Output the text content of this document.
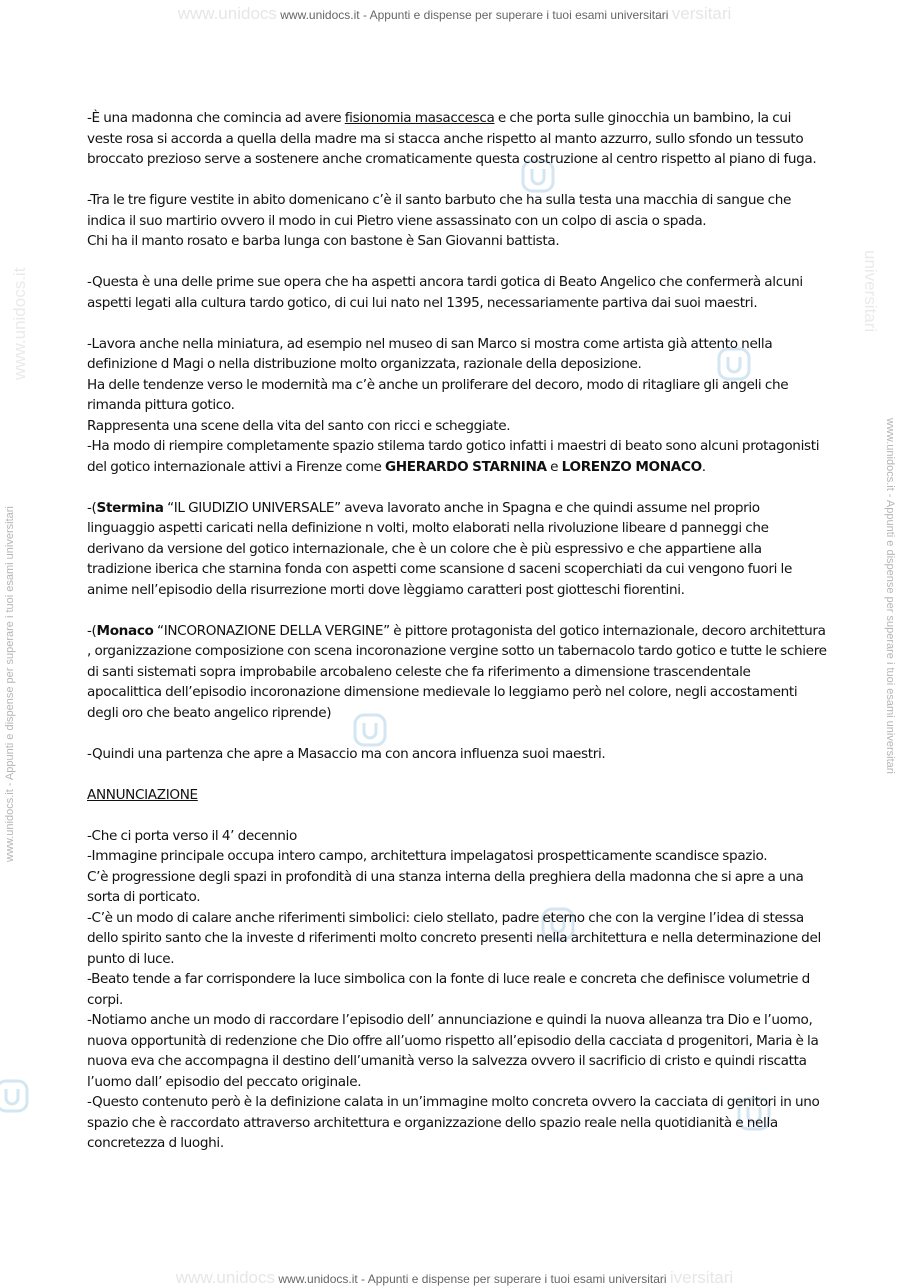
www.unidocs www.unidocs.it - Appunti e dispense per superare i tuoi esami universitari versitari
www.unidocs www.unidocs.it - Appunti e dispense per superare i tuoi esami universitari iversitari
www.unidocs.it - Appunti e dispense per superare i tuoi esami universitari	www.unidocs.it - Appunti e dispense per superare i tuoi esami universitari
www.unidocs.it	universitari

-È una madonna che comincia ad avere fisionomia masaccesca e che porta sulle ginocchia un bambino, la cui veste rosa si accorda a quella della madre ma si stacca anche rispetto al manto azzurro, sullo sfondo un tessuto broccato prezioso serve a sostenere anche cromaticamente questa costruzione al centro rispetto al piano di fuga.

-Tra le tre figure vestite in abito domenicano c’è il santo barbuto che ha sulla testa una macchia di sangue che indica il suo martirio ovvero il modo in cui Pietro viene assassinato con un colpo di ascia o spada.

Chi ha il manto rosato e barba lunga con bastone è San Giovanni battista.

-Questa è una delle prime sue opera che ha aspetti ancora tardi gotica di Beato Angelico che confermerà alcuni aspetti legati alla cultura tardo gotico, di cui lui nato nel 1395, necessariamente partiva dai suoi maestri.

-Lavora anche nella miniatura, ad esempio nel museo di san Marco si mostra come artista già attento nella definizione d Magi o nella distribuzione molto organizzata, razionale della deposizione.

Ha delle tendenze verso le modernità ma c’è anche un proliferare del decoro, modo di ritagliare gli angeli che rimanda pittura gotico.

Rappresenta una scene della vita del santo con ricci e scheggiate.

-Ha modo di riempire completamente spazio stilema tardo gotico infatti i maestri di beato sono alcuni protagonisti del gotico internazionale attivi a Firenze come GHERARDO STARNINA e LORENZO MONACO.

-(Stermina “IL GIUDIZIO UNIVERSALE” aveva lavorato anche in Spagna e che quindi assume nel proprio linguaggio aspetti caricati nella definizione n volti, molto elaborati nella rivoluzione libeare d panneggi che derivano da versione del gotico internazionale, che è un colore che è più espressivo e che appartiene alla tradizione iberica che starnina fonda con aspetti come scansione d saceni scoperchiati da cui vengono fuori le anime nell’episodio della risurrezione morti dove lèggiamo caratteri post giotteschi fiorentini.

-(Monaco “INCORONAZIONE DELLA VERGINE” è pittore protagonista del gotico internazionale, decoro architettura , organizzazione composizione con scena incoronazione vergine sotto un tabernacolo tardo gotico e tutte le schiere di santi sistemati sopra improbabile arcobaleno celeste che fa riferimento a dimensione trascendentale apocalittica dell’episodio incoronazione dimensione medievale lo leggiamo però nel colore, negli accostamenti degli oro che beato angelico riprende)

-Quindi una partenza che apre a Masaccio ma con ancora influenza suoi maestri.

ANNUNCIAZIONE

-Che ci porta verso il 4’ decennio

-Immagine principale occupa intero campo, architettura impelagatosi prospetticamente scandisce spazio.

C’è progressione degli spazi in profondità di una stanza interna della preghiera della madonna che si apre a una sorta di porticato.

-C’è un modo di calare anche riferimenti simbolici: cielo stellato, padre eterno che con la vergine l’idea di stessa dello spirito santo che la investe d riferimenti molto concreto presenti nella architettura e nella determinazione del punto di luce.

-Beato tende a far corrispondere la luce simbolica con la fonte di luce reale e concreta che definisce volumetrie d corpi.

-Notiamo anche un modo di raccordare l’episodio dell’ annunciazione e quindi la nuova alleanza tra Dio e l’uomo, nuova opportunità di redenzione che Dio offre all’uomo rispetto all’episodio della cacciata d progenitori, Maria è la nuova eva che accompagna il destino dell’umanità verso la salvezza ovvero il sacrificio di cristo e quindi riscatta l’uomo dall’ episodio del peccato originale.

-Questo contenuto però è la definizione calata in un’immagine molto concreta ovvero la cacciata di genitori in uno spazio che è raccordato attraverso architettura e organizzazione dello spazio reale nella quotidianità e nella concretezza d luoghi.
